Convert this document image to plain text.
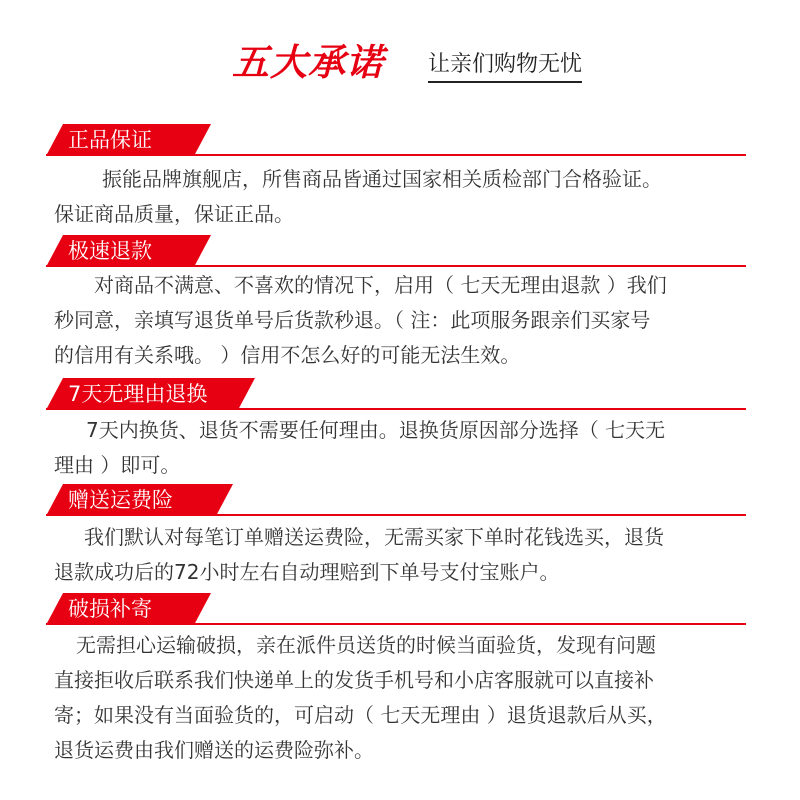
五大承诺 让亲们购物无忧
正品保证

振能品牌旗舰店，所售商品皆通过国家相关质检部门合格验证。

保证商品质量，保证正品。

极速退款

对商品不满意、不喜欢的情况下，启用（ 七天无理由退款 ）我们

秒同意，亲填写退货单号后货款秒退。（ 注：此项服务跟亲们买家号

的信用有关系哦。 ）信用不怎么好的可能无法生效。

7天无理由退换

7天内换货、退货不需要任何理由。退换货原因部分选择（ 七天无

理由 ）即可。

赠送运费险

我们默认对每笔订单赠送运费险，无需买家下单时花钱选买，退货

退款成功后的72小时左右自动理赔到下单号支付宝账户。

破损补寄

无需担心运输破损，亲在派件员送货的时候当面验货，发现有问题

直接拒收后联系我们快递单上的发货手机号和小店客服就可以直接补

寄；如果没有当面验货的，可启动（ 七天无理由 ）退货退款后从买，

退货运费由我们赠送的运费险弥补。
